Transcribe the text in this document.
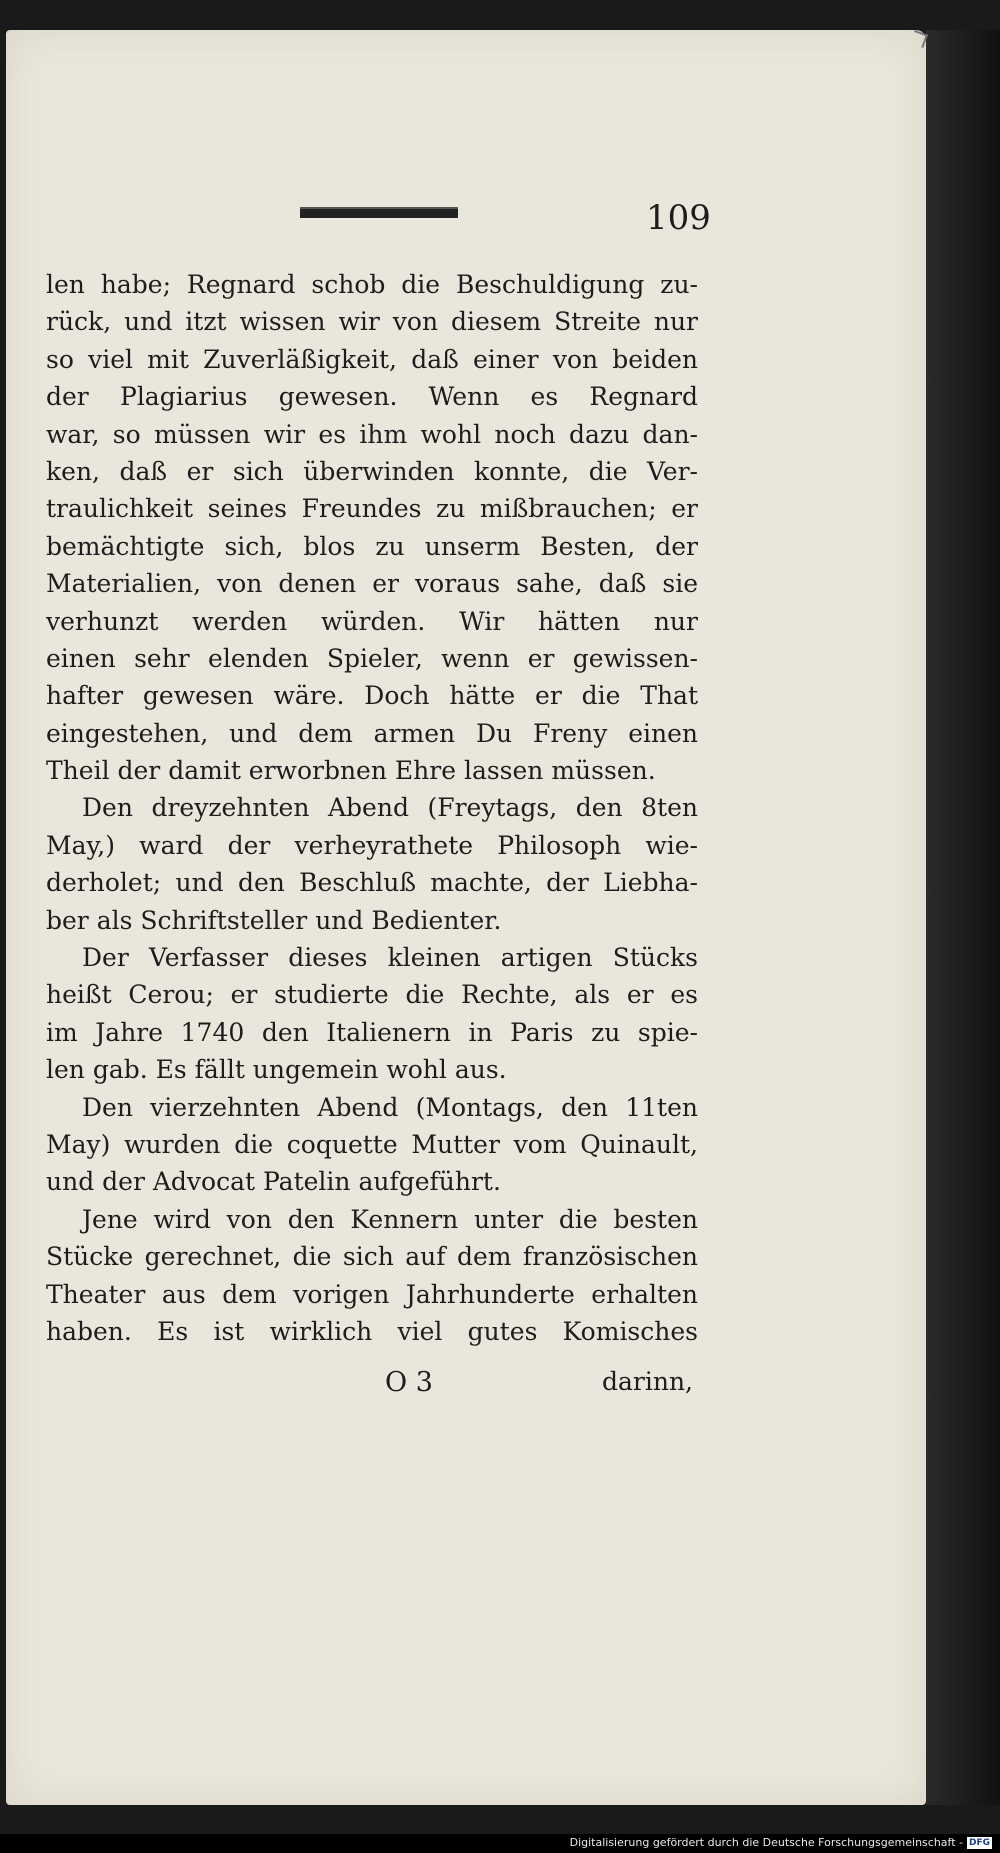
109
len habe; Regnard schob die Beschuldigung zu-
rück, und itzt wissen wir von diesem Streite nur
so viel mit Zuverläßigkeit, daß einer von beiden
der Plagiarius gewesen. Wenn es Regnard
war, so müssen wir es ihm wohl noch dazu dan-
ken, daß er sich überwinden konnte, die Ver-
traulichkeit seines Freundes zu mißbrauchen; er
bemächtigte sich, blos zu unserm Besten, der
Materialien, von denen er voraus sahe, daß sie
verhunzt werden würden. Wir hätten nur
einen sehr elenden Spieler, wenn er gewissen-
hafter gewesen wäre. Doch hätte er die That
eingestehen, und dem armen Du Freny einen
Theil der damit erworbnen Ehre lassen müssen.
Den dreyzehnten Abend (Freytags, den 8ten
May,) ward der verheyrathete Philosoph wie-
derholet; und den Beschluß machte, der Liebha-
ber als Schriftsteller und Bedienter.
Der Verfasser dieses kleinen artigen Stücks
heißt Cerou; er studierte die Rechte, als er es
im Jahre 1740 den Italienern in Paris zu spie-
len gab. Es fällt ungemein wohl aus.
Den vierzehnten Abend (Montags, den 11ten
May) wurden die coquette Mutter vom Quinault,
und der Advocat Patelin aufgeführt.
Jene wird von den Kennern unter die besten
Stücke gerechnet, die sich auf dem französischen
Theater aus dem vorigen Jahrhunderte erhalten
haben. Es ist wirklich viel gutes Komisches
O 3	darinn,
Digitalisierung gefördert durch die Deutsche Forschungsgemeinschaft - DFG
